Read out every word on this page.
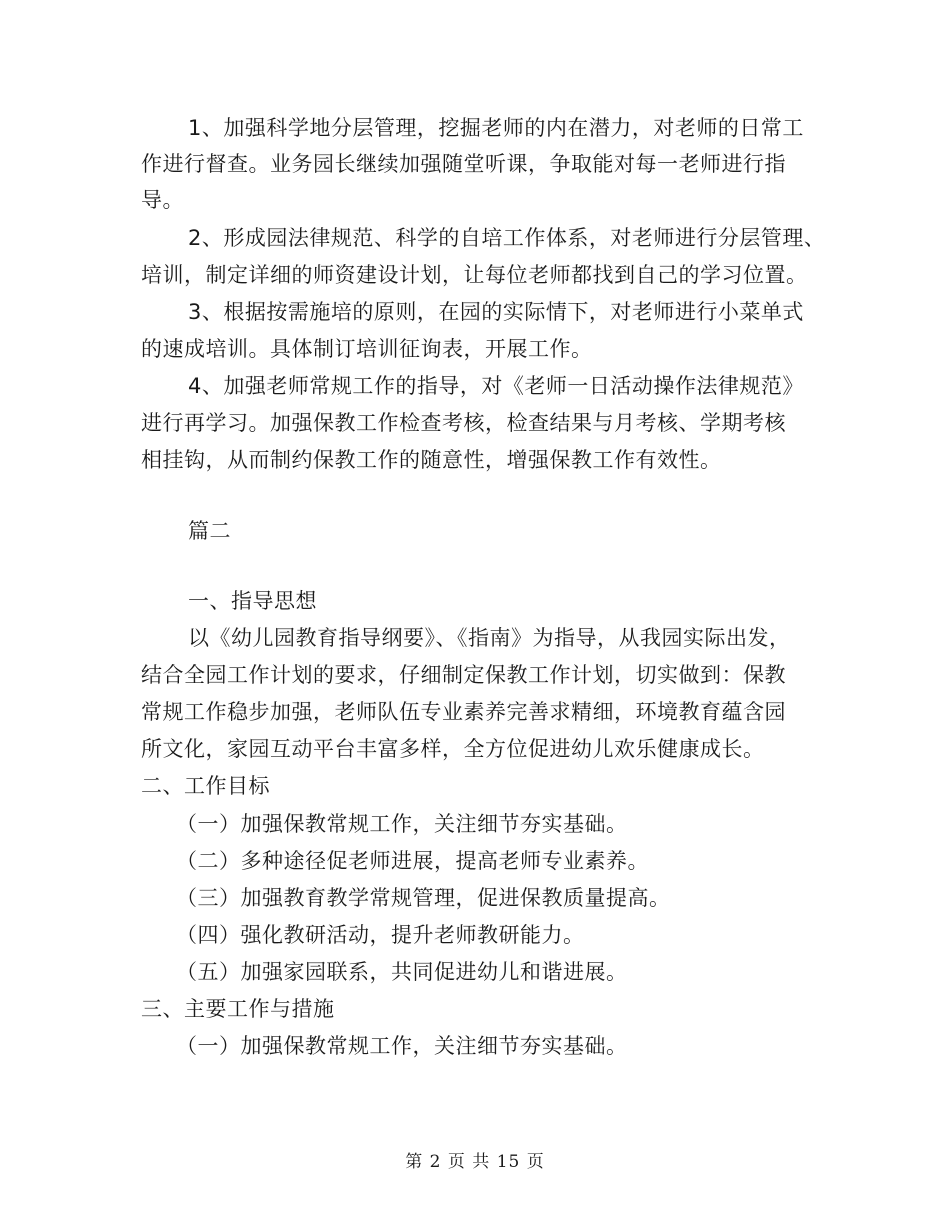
1、加强科学地分层管理，挖掘老师的内在潜力，对老师的日常工
作进行督查。业务园长继续加强随堂听课，争取能对每一老师进行指
导。
2、形成园法律规范、科学的自培工作体系，对老师进行分层管理、
培训，制定详细的师资建设计划，让每位老师都找到自己的学习位置。
3、根据按需施培的原则，在园的实际情下，对老师进行小菜单式
的速成培训。具体制订培训征询表，开展工作。
4、加强老师常规工作的指导，对《老师一日活动操作法律规范》
进行再学习。加强保教工作检查考核，检查结果与月考核、学期考核
相挂钩，从而制约保教工作的随意性，增强保教工作有效性。
篇二
一、指导思想
以《幼儿园教育指导纲要》、《指南》为指导，从我园实际出发，
结合全园工作计划的要求，仔细制定保教工作计划，切实做到：保教
常规工作稳步加强，老师队伍专业素养完善求精细，环境教育蕴含园
所文化，家园互动平台丰富多样，全方位促进幼儿欢乐健康成长。
二、工作目标
（一）加强保教常规工作，关注细节夯实基础。
（二）多种途径促老师进展，提高老师专业素养。
（三）加强教育教学常规管理，促进保教质量提高。
（四）强化教研活动，提升老师教研能力。
（五）加强家园联系，共同促进幼儿和谐进展。
三、主要工作与措施
（一）加强保教常规工作，关注细节夯实基础。
第 2 页 共 15 页
